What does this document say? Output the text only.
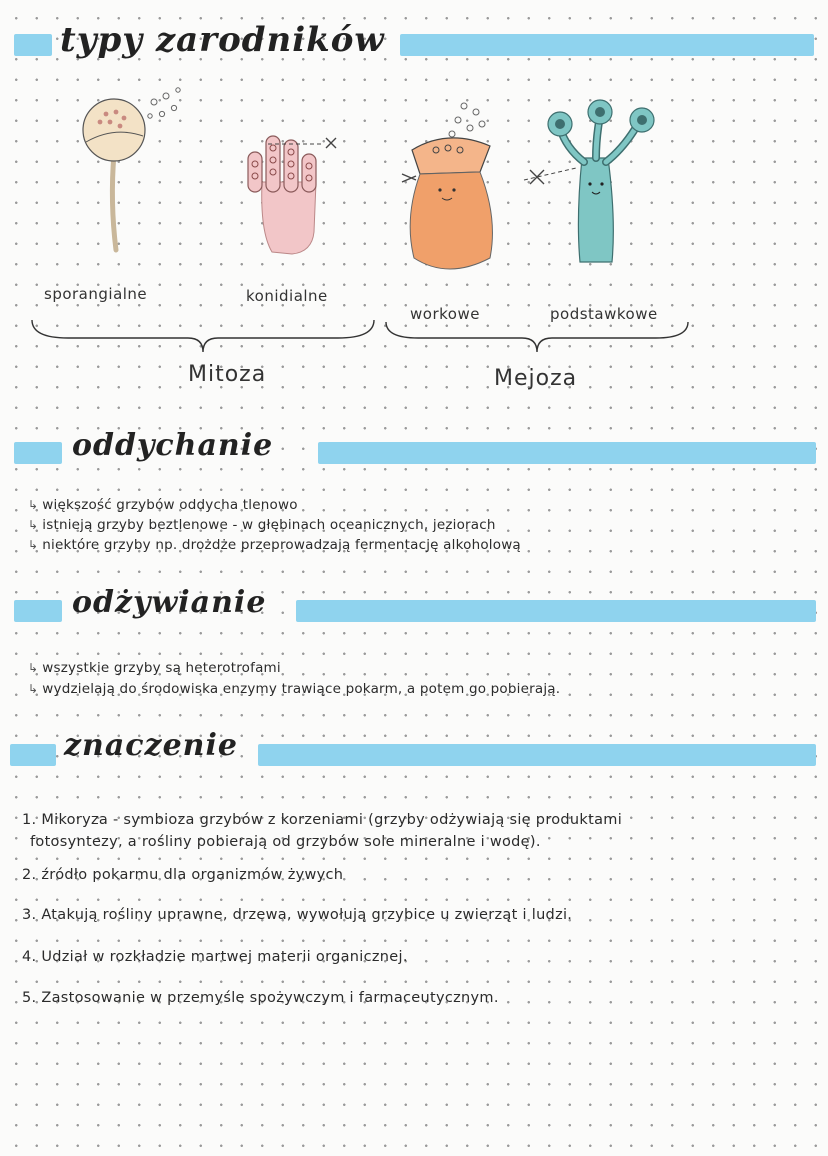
typy zarodników
sporangialne	konidialne
workowe	podstawkowe
Mitoza	Mejoza
oddychanie
↳ większość grzybów oddycha tlenowo
↳ istnieją grzyby beztlenowe - w głębinach oceanicznych, jeziorach
↳ niektóre grzyby np. drożdże przeprowadzają fermentację alkoholową
odżywianie
↳ wszystkie grzyby są heterotrofami
↳ wydzielają do środowiska enzymy trawiące pokarm, a potem go pobierają.
znaczenie
1. Mikoryza - symbioza grzybów z korzeniami (grzyby odżywiają się produktami
fotosyntezy, a rośliny pobierają od grzybów sole mineralne i wodę).
2. źródło pokarmu dla organizmów żywych
3. Atakują rośliny uprawne, drzewa, wywołują grzybice u zwierząt i ludzi.
4. Udział w rozkładzie martwej materii organicznej.
5. Zastosowanie w przemyśle spożywczym i farmaceutycznym.
